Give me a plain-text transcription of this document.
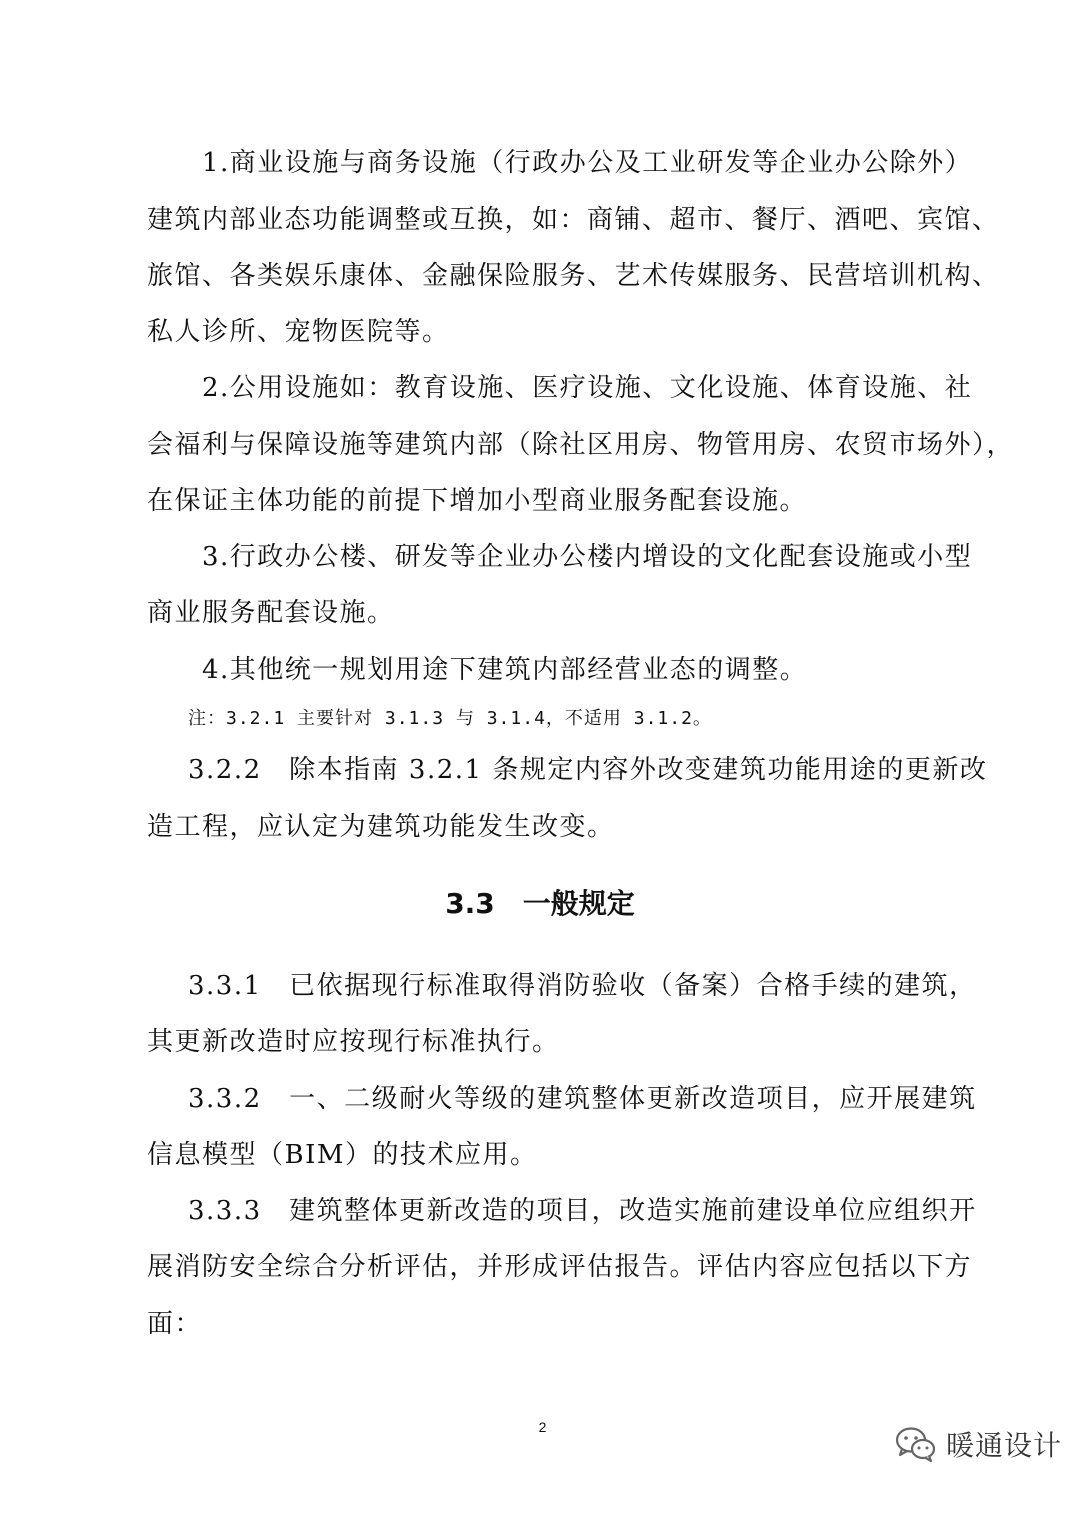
1.商业设施与商务设施（行政办公及工业研发等企业办公除外）
建筑内部业态功能调整或互换，如：商铺、超市、餐厅、酒吧、宾馆、
旅馆、各类娱乐康体、金融保险服务、艺术传媒服务、民营培训机构、
私人诊所、宠物医院等。
2.公用设施如：教育设施、医疗设施、文化设施、体育设施、社
会福利与保障设施等建筑内部（除社区用房、物管用房、农贸市场外），
在保证主体功能的前提下增加小型商业服务配套设施。
3.行政办公楼、研发等企业办公楼内增设的文化配套设施或小型
商业服务配套设施。
4.其他统一规划用途下建筑内部经营业态的调整。
注：3.2.1 主要针对 3.1.3 与 3.1.4，不适用 3.1.2。
3.2.2　除本指南 3.2.1 条规定内容外改变建筑功能用途的更新改
造工程，应认定为建筑功能发生改变。
3.3　一般规定
3.3.1　已依据现行标准取得消防验收（备案）合格手续的建筑，
其更新改造时应按现行标准执行。
3.3.2　一、二级耐火等级的建筑整体更新改造项目，应开展建筑
信息模型（BIM）的技术应用。
3.3.3　建筑整体更新改造的项目，改造实施前建设单位应组织开
展消防安全综合分析评估，并形成评估报告。评估内容应包括以下方
面：
2
暖通设计
